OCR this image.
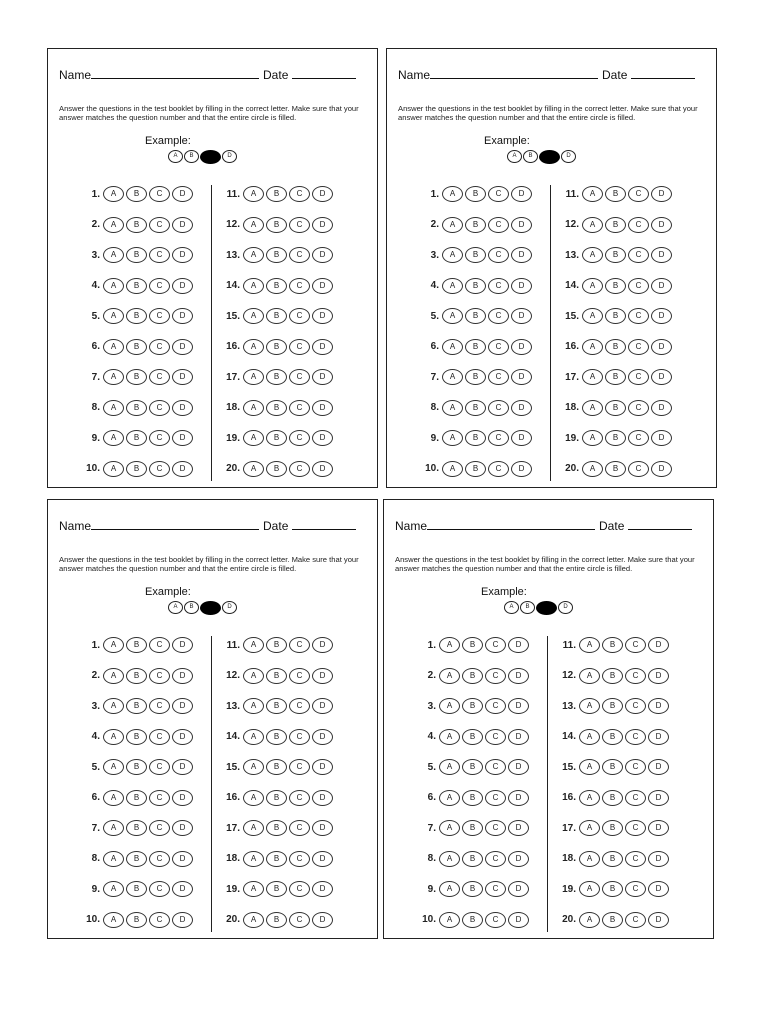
Name	Date
Answer the questions in the test booklet by filling in the correct letter. Make sure that your answer matches the question number and that the entire circle is filled.
Example:
A	B	D
1.	A	B	C	D
2.	A	B	C	D
3.	A	B	C	D
4.	A	B	C	D
5.	A	B	C	D
6.	A	B	C	D
7.	A	B	C	D
8.	A	B	C	D
9.	A	B	C	D
10.	A	B	C	D
11.	A	B	C	D
12.	A	B	C	D
13.	A	B	C	D
14.	A	B	C	D
15.	A	B	C	D
16.	A	B	C	D
17.	A	B	C	D
18.	A	B	C	D
19.	A	B	C	D
20.	A	B	C	D
Name	Date
Answer the questions in the test booklet by filling in the correct letter. Make sure that your answer matches the question number and that the entire circle is filled.
Example:
A	B	D
1.	A	B	C	D
2.	A	B	C	D
3.	A	B	C	D
4.	A	B	C	D
5.	A	B	C	D
6.	A	B	C	D
7.	A	B	C	D
8.	A	B	C	D
9.	A	B	C	D
10.	A	B	C	D
11.	A	B	C	D
12.	A	B	C	D
13.	A	B	C	D
14.	A	B	C	D
15.	A	B	C	D
16.	A	B	C	D
17.	A	B	C	D
18.	A	B	C	D
19.	A	B	C	D
20.	A	B	C	D
Name	Date
Answer the questions in the test booklet by filling in the correct letter. Make sure that your answer matches the question number and that the entire circle is filled.
Example:
A	B	D
1.	A	B	C	D
2.	A	B	C	D
3.	A	B	C	D
4.	A	B	C	D
5.	A	B	C	D
6.	A	B	C	D
7.	A	B	C	D
8.	A	B	C	D
9.	A	B	C	D
10.	A	B	C	D
11.	A	B	C	D
12.	A	B	C	D
13.	A	B	C	D
14.	A	B	C	D
15.	A	B	C	D
16.	A	B	C	D
17.	A	B	C	D
18.	A	B	C	D
19.	A	B	C	D
20.	A	B	C	D
Name	Date
Answer the questions in the test booklet by filling in the correct letter. Make sure that your answer matches the question number and that the entire circle is filled.
Example:
A	B	D
1.	A	B	C	D
2.	A	B	C	D
3.	A	B	C	D
4.	A	B	C	D
5.	A	B	C	D
6.	A	B	C	D
7.	A	B	C	D
8.	A	B	C	D
9.	A	B	C	D
10.	A	B	C	D
11.	A	B	C	D
12.	A	B	C	D
13.	A	B	C	D
14.	A	B	C	D
15.	A	B	C	D
16.	A	B	C	D
17.	A	B	C	D
18.	A	B	C	D
19.	A	B	C	D
20.	A	B	C	D
